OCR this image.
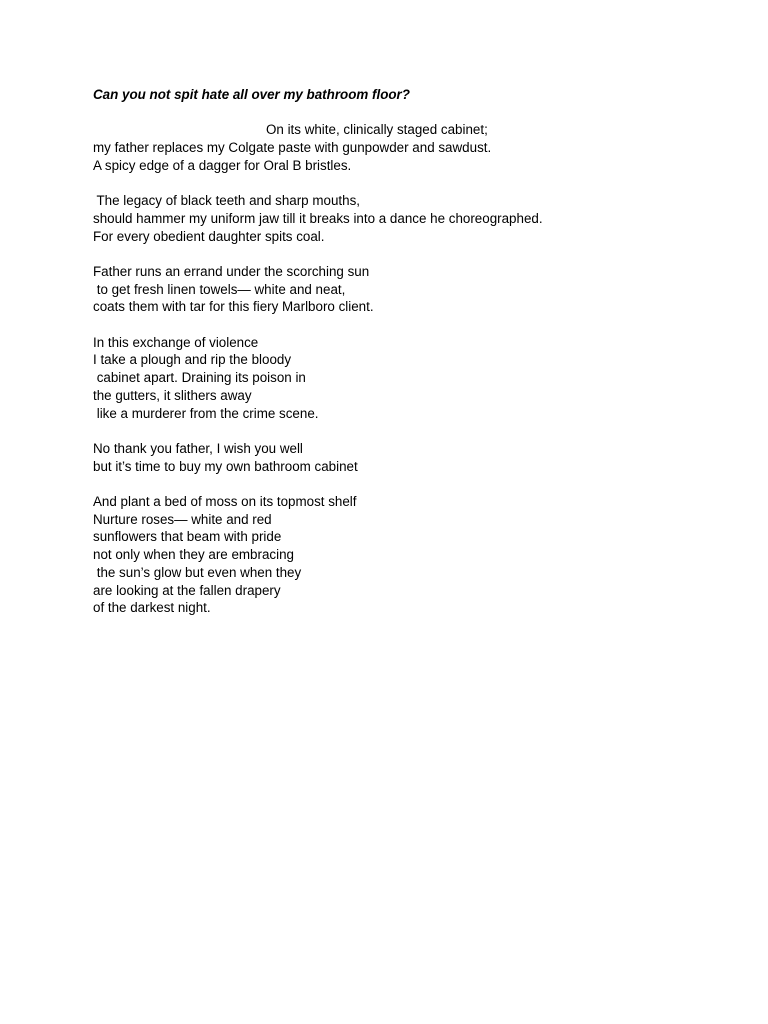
Can you not spit hate all over my bathroom floor?
On its white, clinically staged cabinet;
my father replaces my Colgate paste with gunpowder and sawdust.
A spicy edge of a dagger for Oral B bristles.
The legacy of black teeth and sharp mouths,
should hammer my uniform jaw till it breaks into a dance he choreographed.
For every obedient daughter spits coal.
Father runs an errand under the scorching sun
to get fresh linen towels— white and neat,
coats them with tar for this fiery Marlboro client.
In this exchange of violence
I take a plough and rip the bloody
cabinet apart. Draining its poison in
the gutters, it slithers away
like a murderer from the crime scene.
No thank you father, I wish you well
but it’s time to buy my own bathroom cabinet
And plant a bed of moss on its topmost shelf
Nurture roses— white and red
sunflowers that beam with pride
not only when they are embracing
the sun’s glow but even when they
are looking at the fallen drapery
of the darkest night.
